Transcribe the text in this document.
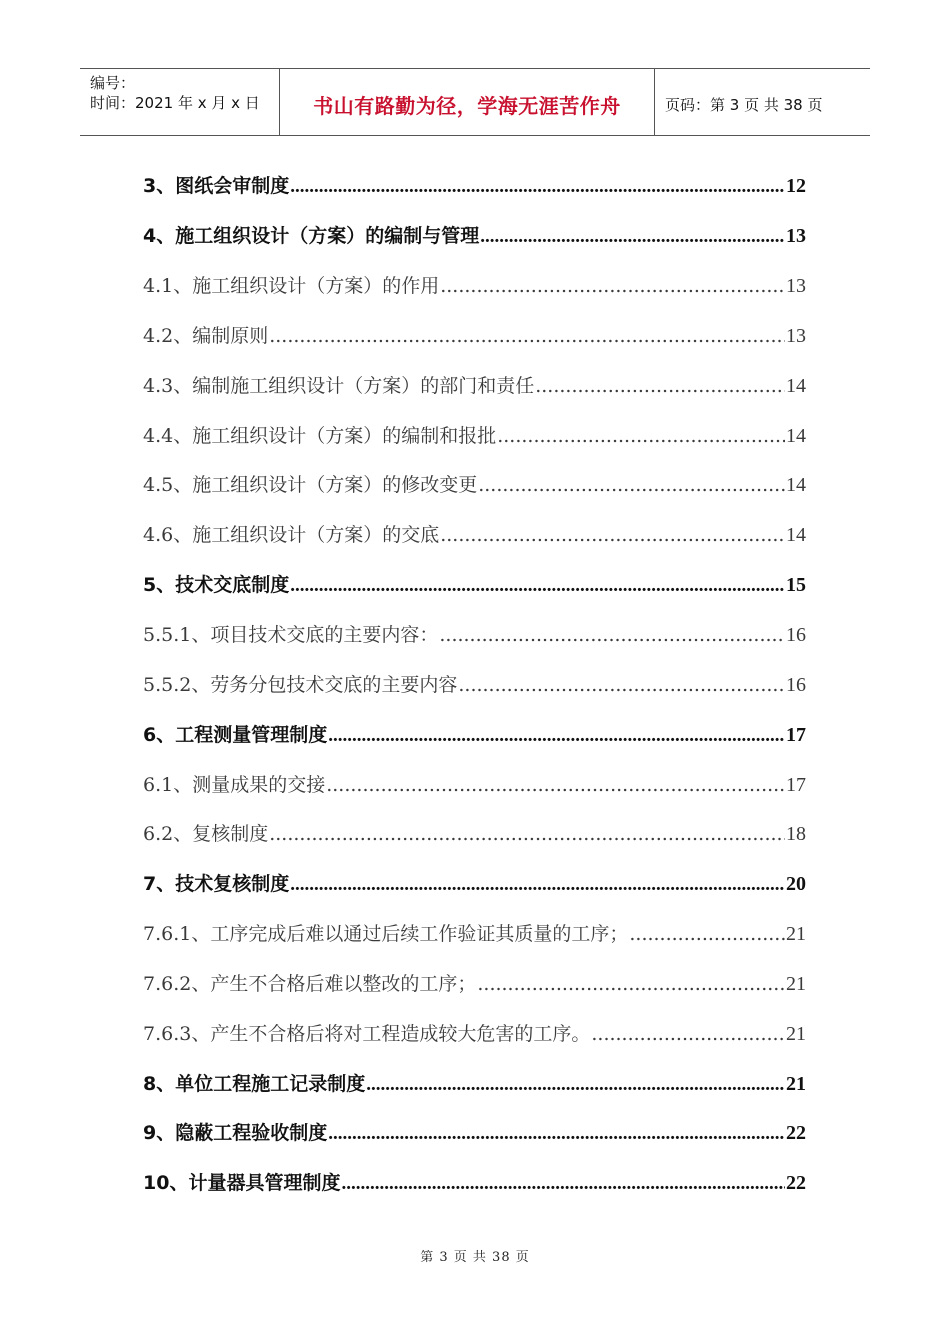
编号：
时间：2021 年 x 月 x 日	书山有路勤为径，学海无涯苦作舟	页码：第 3 页 共 38 页
3、图纸会审制度 .....	12
4、施工组织设计（方案）的编制与管理 .....	13
4.1、施工组织设计（方案）的作用 .....	13
4.2、编制原则 .....	13
4.3、编制施工组织设计（方案）的部门和责任 .....	14
4.4、施工组织设计（方案）的编制和报批 .....	14
4.5、施工组织设计（方案）的修改变更 .....	14
4.6、施工组织设计（方案）的交底 .....	14
5、技术交底制度 .....	15
5.5.1、项目技术交底的主要内容： .....	16
5.5.2、劳务分包技术交底的主要内容 .....	16
6、工程测量管理制度 .....	17
6.1、测量成果的交接 .....	17
6.2、复核制度 .....	18
7、技术复核制度 .....	20
7.6.1、工序完成后难以通过后续工作验证其质量的工序； .....	21
7.6.2、产生不合格后难以整改的工序； .....	21
7.6.3、产生不合格后将对工程造成较大危害的工序。 .....	21
8、单位工程施工记录制度 .....	21
9、隐蔽工程验收制度 .....	22
10、计量器具管理制度 .....	22
第 3 页 共 38 页
